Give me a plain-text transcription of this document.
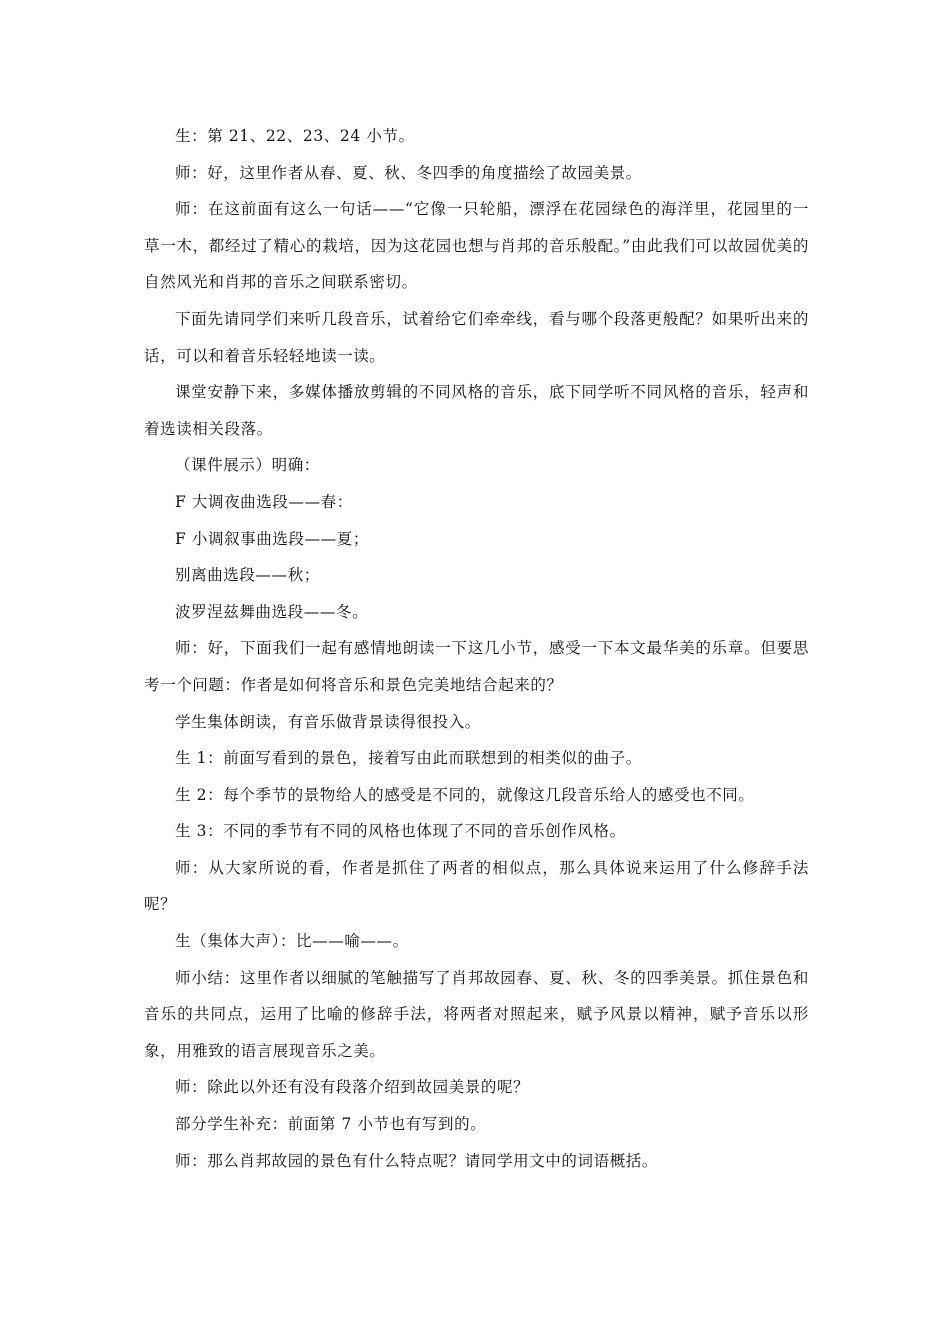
生：第 21、22、23、24 小节。

师：好，这里作者从春、夏、秋、冬四季的角度描绘了故园美景。

师：在这前面有这么一句话——“它像一只轮船，漂浮在花园绿色的海洋里，花园里的一草一木，都经过了精心的栽培，因为这花园也想与肖邦的音乐般配。”由此我们可以故园优美的自然风光和肖邦的音乐之间联系密切。

下面先请同学们来听几段音乐，试着给它们牵牵线，看与哪个段落更般配？如果听出来的话，可以和着音乐轻轻地读一读。

课堂安静下来，多媒体播放剪辑的不同风格的音乐，底下同学听不同风格的音乐，轻声和着选读相关段落。

（课件展示）明确：

F 大调夜曲选段——春：

F 小调叙事曲选段——夏；

别离曲选段——秋；

波罗涅兹舞曲选段——冬。

师：好，下面我们一起有感情地朗读一下这几小节，感受一下本文最华美的乐章。但要思考一个问题：作者是如何将音乐和景色完美地结合起来的？

学生集体朗读，有音乐做背景读得很投入。

生 1：前面写看到的景色，接着写由此而联想到的相类似的曲子。

生 2：每个季节的景物给人的感受是不同的，就像这几段音乐给人的感受也不同。

生 3：不同的季节有不同的风格也体现了不同的音乐创作风格。

师：从大家所说的看，作者是抓住了两者的相似点，那么具体说来运用了什么修辞手法呢？

生（集体大声）：比——喻——。

师小结：这里作者以细腻的笔触描写了肖邦故园春、夏、秋、冬的四季美景。抓住景色和音乐的共同点，运用了比喻的修辞手法，将两者对照起来，赋予风景以精神，赋予音乐以形象，用雅致的语言展现音乐之美。

师：除此以外还有没有段落介绍到故园美景的呢？

部分学生补充：前面第 7 小节也有写到的。

师：那么肖邦故园的景色有什么特点呢？请同学用文中的词语概括。
